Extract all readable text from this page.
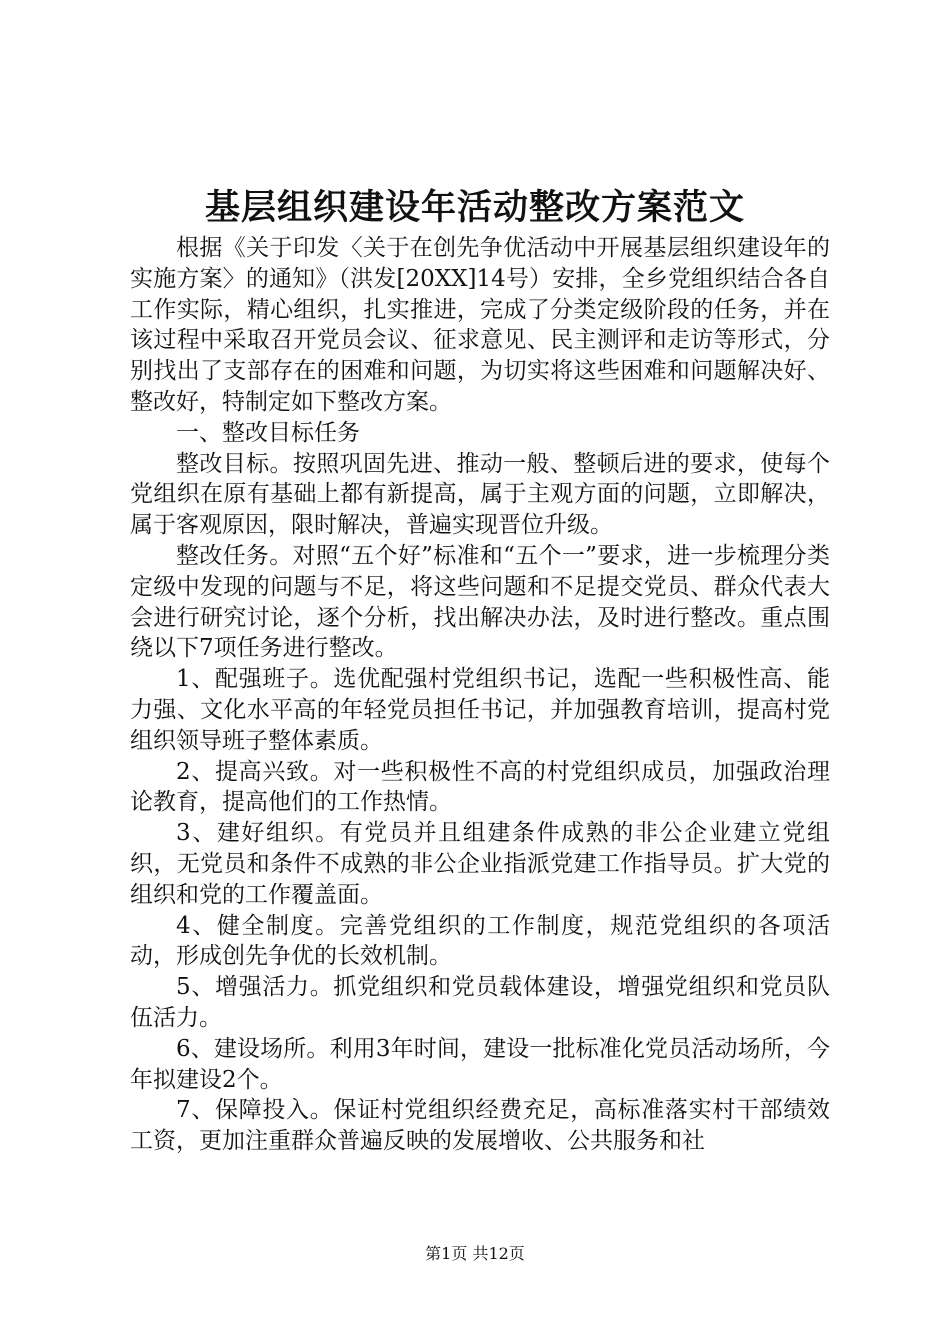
基层组织建设年活动整改方案范文

根据《关于印发〈关于在创先争优活动中开展基层组织建设年的实施方案〉的通知》（洪发[20XX]14号）安排，全乡党组织结合各自工作实际，精心组织，扎实推进，完成了分类定级阶段的任务，并在该过程中采取召开党员会议、征求意见、民主测评和走访等形式，分别找出了支部存在的困难和问题，为切实将这些困难和问题解决好、整改好，特制定如下整改方案。

一、整改目标任务

整改目标。按照巩固先进、推动一般、整顿后进的要求，使每个党组织在原有基础上都有新提高，属于主观方面的问题，立即解决，属于客观原因，限时解决，普遍实现晋位升级。

整改任务。对照“五个好”标准和“五个一”要求，进一步梳理分类定级中发现的问题与不足，将这些问题和不足提交党员、群众代表大会进行研究讨论，逐个分析，找出解决办法，及时进行整改。重点围绕以下7项任务进行整改。

1、配强班子。选优配强村党组织书记，选配一些积极性高、能力强、文化水平高的年轻党员担任书记，并加强教育培训，提高村党组织领导班子整体素质。

2、提高兴致。对一些积极性不高的村党组织成员，加强政治理论教育，提高他们的工作热情。

3、建好组织。有党员并且组建条件成熟的非公企业建立党组织，无党员和条件不成熟的非公企业指派党建工作指导员。扩大党的组织和党的工作覆盖面。

4、健全制度。完善党组织的工作制度，规范党组织的各项活动，形成创先争优的长效机制。

5、增强活力。抓党组织和党员载体建设，增强党组织和党员队伍活力。

6、建设场所。利用3年时间，建设一批标准化党员活动场所，今年拟建设2个。

7、保障投入。保证村党组织经费充足，高标准落实村干部绩效工资，更加注重群众普遍反映的发展增收、公共服务和社

第1页 共12页
